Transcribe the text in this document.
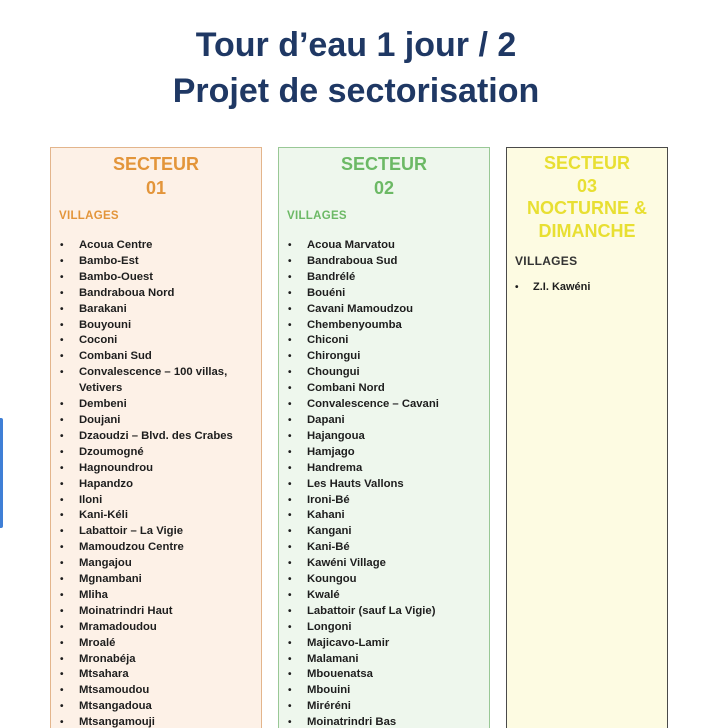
Tour d’eau 1 jour / 2
Projet de sectorisation
SECTEUR
01
VILLAGES
• Acoua Centre
• Bambo-Est
• Bambo-Ouest
• Bandraboua Nord
• Barakani
• Bouyouni
• Coconi
• Combani Sud
• Convalescence – 100 villas, Vetivers
• Dembeni
• Doujani
• Dzaoudzi – Blvd. des Crabes
• Dzoumogné
• Hagnoundrou
• Hapandzo
• Iloni
• Kani-Kéli
• Labattoir – La Vigie
• Mamoudzou Centre
• Mangajou
• Mgnambani
• Mliha
• Moinatrindri Haut
• Mramadoudou
• Mroalé
• Mronabéja
• Mtsahara
• Mtsamoudou
• Mtsangadoua
• Mtsangamouji
SECTEUR
02
VILLAGES
• Acoua Marvatou
• Bandraboua Sud
• Bandrélé
• Bouéni
• Cavani Mamoudzou
• Chembenyoumba
• Chiconi
• Chirongui
• Choungui
• Combani Nord
• Convalescence – Cavani
• Dapani
• Hajangoua
• Hamjago
• Handrema
• Les Hauts Vallons
• Ironi-Bé
• Kahani
• Kangani
• Kani-Bé
• Kawéni Village
• Koungou
• Kwalé
• Labattoir (sauf La Vigie)
• Longoni
• Majicavo-Lamir
• Malamani
• Mbouenatsa
• Mbouini
• Miréréni
• Moinatrindri Bas
SECTEUR
03
NOCTURNE &
DIMANCHE
VILLAGES
• Z.I. Kawéni
